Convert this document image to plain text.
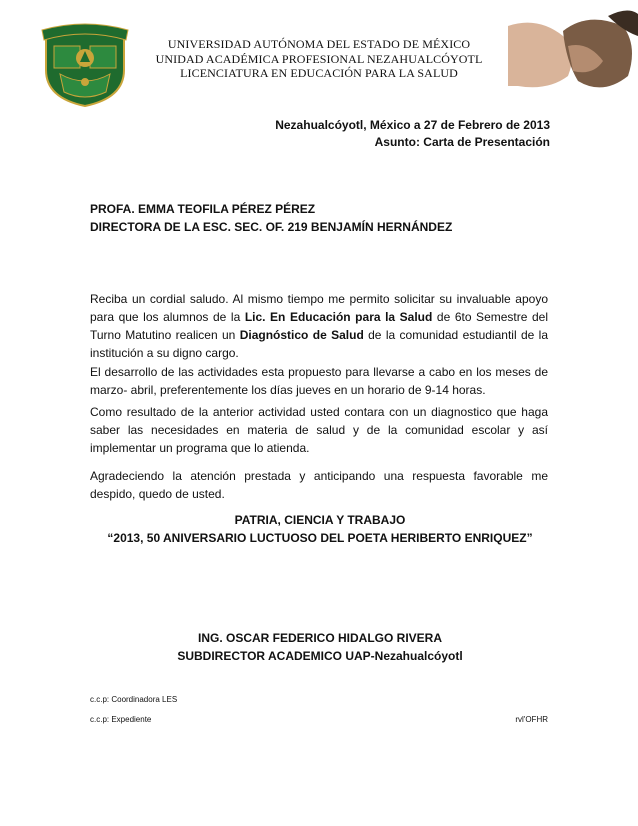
UNIVERSIDAD AUTÓNOMA DEL ESTADO DE MÉXICO
UNIDAD ACADÉMICA PROFESIONAL NEZAHUALCÓYOTL
LICENCIATURA EN EDUCACIÓN PARA LA SALUD
Nezahualcóyotl, México a 27 de Febrero de 2013
Asunto: Carta de Presentación
PROFA. EMMA TEOFILA PÉREZ PÉREZ
DIRECTORA DE LA ESC. SEC. OF. 219 BENJAMÍN HERNÁNDEZ
Reciba un cordial saludo. Al mismo tiempo me permito solicitar su invaluable apoyo para que los alumnos de la Lic. En Educación para la Salud de 6to Semestre del Turno Matutino realicen un Diagnóstico de Salud de la comunidad estudiantil de la institución a su digno cargo.
El desarrollo de las actividades esta propuesto para llevarse a cabo en los meses de marzo- abril, preferentemente los días jueves en un horario de 9-14 horas.
Como resultado de la anterior actividad usted contara con un diagnostico que haga saber las necesidades en materia de salud y de la comunidad escolar y así implementar un programa que lo atienda.
Agradeciendo la atención prestada y anticipando una respuesta favorable me despido, quedo de usted.
PATRIA, CIENCIA Y TRABAJO
“2013, 50 ANIVERSARIO LUCTUOSO DEL POETA HERIBERTO ENRIQUEZ”
ING. OSCAR FEDERICO HIDALGO RIVERA
SUBDIRECTOR ACADEMICO UAP-Nezahualcóyotl
c.c.p: Coordinadora LES
c.c.p: Expediente	rvl'OFHR
